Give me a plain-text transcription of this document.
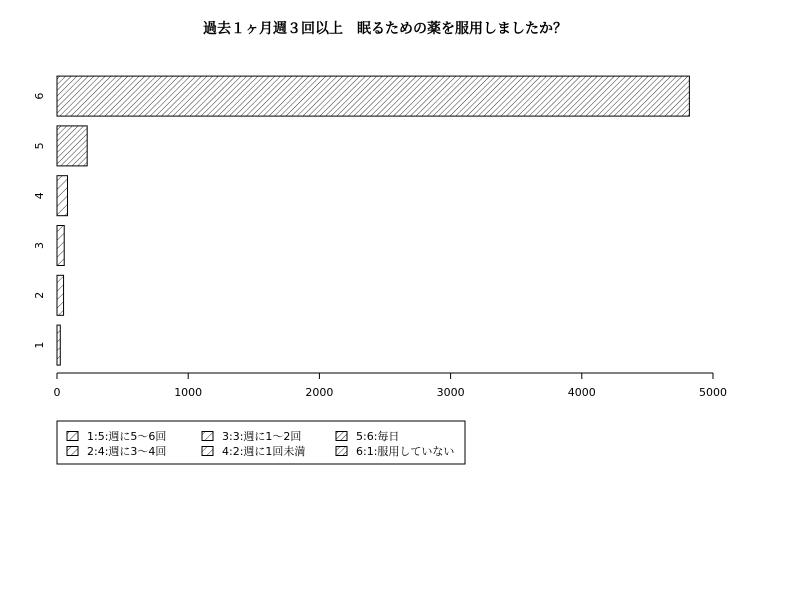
過去１ヶ月週３回以上　眠るための薬を服用しましたか？
1
2
3
4
5
6
0	1000	2000	3000	4000	5000
1:5:週に5〜6回
2:4:週に3〜4回
3:3:週に1〜2回
4:2:週に1回未満
5:6:毎日
6:1:服用していない
